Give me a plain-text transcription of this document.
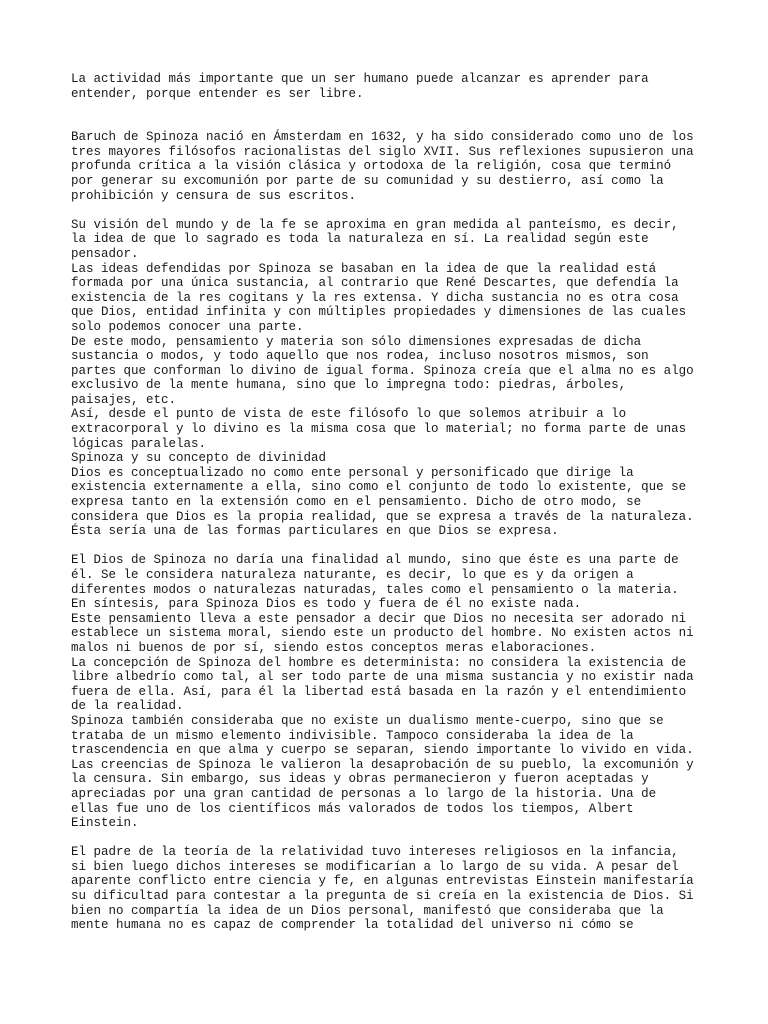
La actividad más importante que un ser humano puede alcanzar es aprender para
entender, porque entender es ser libre.

Baruch de Spinoza nació en Ámsterdam en 1632, y ha sido considerado como uno de los
tres mayores filósofos racionalistas del siglo XVII. Sus reflexiones supusieron una
profunda crítica a la visión clásica y ortodoxa de la religión, cosa que terminó
por generar su excomunión por parte de su comunidad y su destierro, así como la
prohibición y censura de sus escritos.

Su visión del mundo y de la fe se aproxima en gran medida al panteísmo, es decir,
la idea de que lo sagrado es toda la naturaleza en sí. La realidad según este
pensador.
Las ideas defendidas por Spinoza se basaban en la idea de que la realidad está
formada por una única sustancia, al contrario que René Descartes, que defendía la
existencia de la res cogitans y la res extensa. Y dicha sustancia no es otra cosa
que Dios, entidad infinita y con múltiples propiedades y dimensiones de las cuales
solo podemos conocer una parte.
De este modo, pensamiento y materia son sólo dimensiones expresadas de dicha
sustancia o modos, y todo aquello que nos rodea, incluso nosotros mismos, son
partes que conforman lo divino de igual forma. Spinoza creía que el alma no es algo
exclusivo de la mente humana, sino que lo impregna todo: piedras, árboles,
paisajes, etc.
Así, desde el punto de vista de este filósofo lo que solemos atribuir a lo
extracorporal y lo divino es la misma cosa que lo material; no forma parte de unas
lógicas paralelas.
Spinoza y su concepto de divinidad
Dios es conceptualizado no como ente personal y personificado que dirige la
existencia externamente a ella, sino como el conjunto de todo lo existente, que se
expresa tanto en la extensión como en el pensamiento. Dicho de otro modo, se
considera que Dios es la propia realidad, que se expresa a través de la naturaleza.
Ésta sería una de las formas particulares en que Dios se expresa.

El Dios de Spinoza no daría una finalidad al mundo, sino que éste es una parte de
él. Se le considera naturaleza naturante, es decir, lo que es y da origen a
diferentes modos o naturalezas naturadas, tales como el pensamiento o la materia.
En síntesis, para Spinoza Dios es todo y fuera de él no existe nada.
Este pensamiento lleva a este pensador a decir que Dios no necesita ser adorado ni
establece un sistema moral, siendo este un producto del hombre. No existen actos ni
malos ni buenos de por sí, siendo estos conceptos meras elaboraciones.
La concepción de Spinoza del hombre es determinista: no considera la existencia de
libre albedrío como tal, al ser todo parte de una misma sustancia y no existir nada
fuera de ella. Así, para él la libertad está basada en la razón y el entendimiento
de la realidad.
Spinoza también consideraba que no existe un dualismo mente-cuerpo, sino que se
trataba de un mismo elemento indivisible. Tampoco consideraba la idea de la
trascendencia en que alma y cuerpo se separan, siendo importante lo vivido en vida.
Las creencias de Spinoza le valieron la desaprobación de su pueblo, la excomunión y
la censura. Sin embargo, sus ideas y obras permanecieron y fueron aceptadas y
apreciadas por una gran cantidad de personas a lo largo de la historia. Una de
ellas fue uno de los científicos más valorados de todos los tiempos, Albert
Einstein.

El padre de la teoría de la relatividad tuvo intereses religiosos en la infancia,
si bien luego dichos intereses se modificarían a lo largo de su vida. A pesar del
aparente conflicto entre ciencia y fe, en algunas entrevistas Einstein manifestaría
su dificultad para contestar a la pregunta de si creía en la existencia de Dios. Si
bien no compartía la idea de un Dios personal, manifestó que consideraba que la
mente humana no es capaz de comprender la totalidad del universo ni cómo se
